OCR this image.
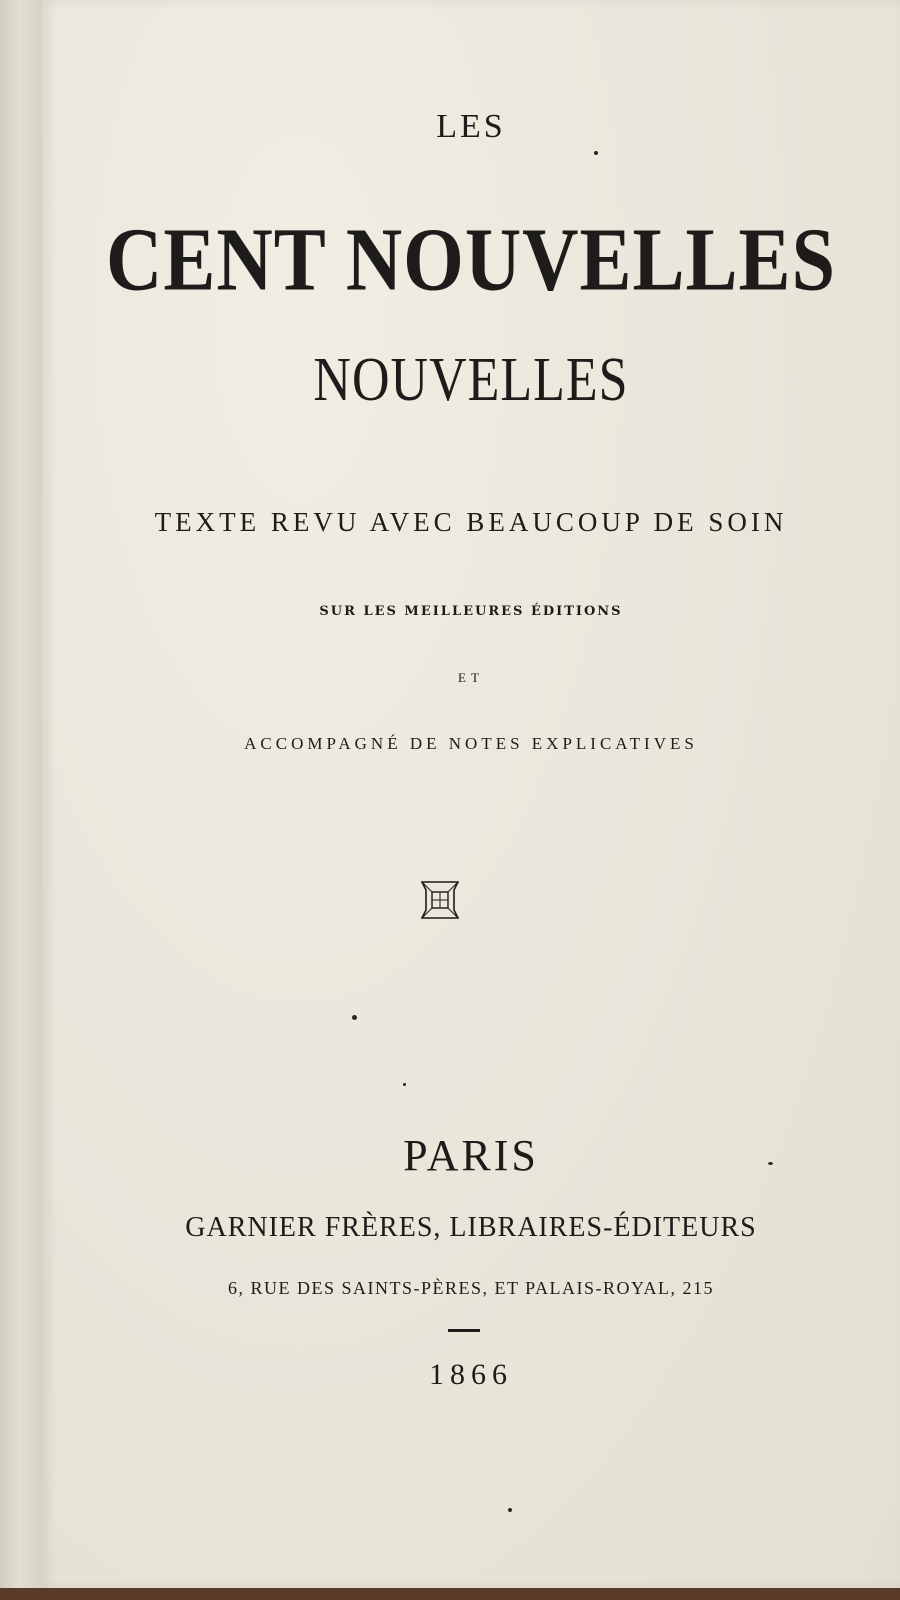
LES
CENT NOUVELLES
NOUVELLES
TEXTE REVU AVEC BEAUCOUP DE SOIN
SUR LES MEILLEURES ÉDITIONS
ET
ACCOMPAGNÉ DE NOTES EXPLICATIVES
PARIS
GARNIER FRÈRES, LIBRAIRES-ÉDITEURS
6, RUE DES SAINTS-PÈRES, ET PALAIS-ROYAL, 215
1866
